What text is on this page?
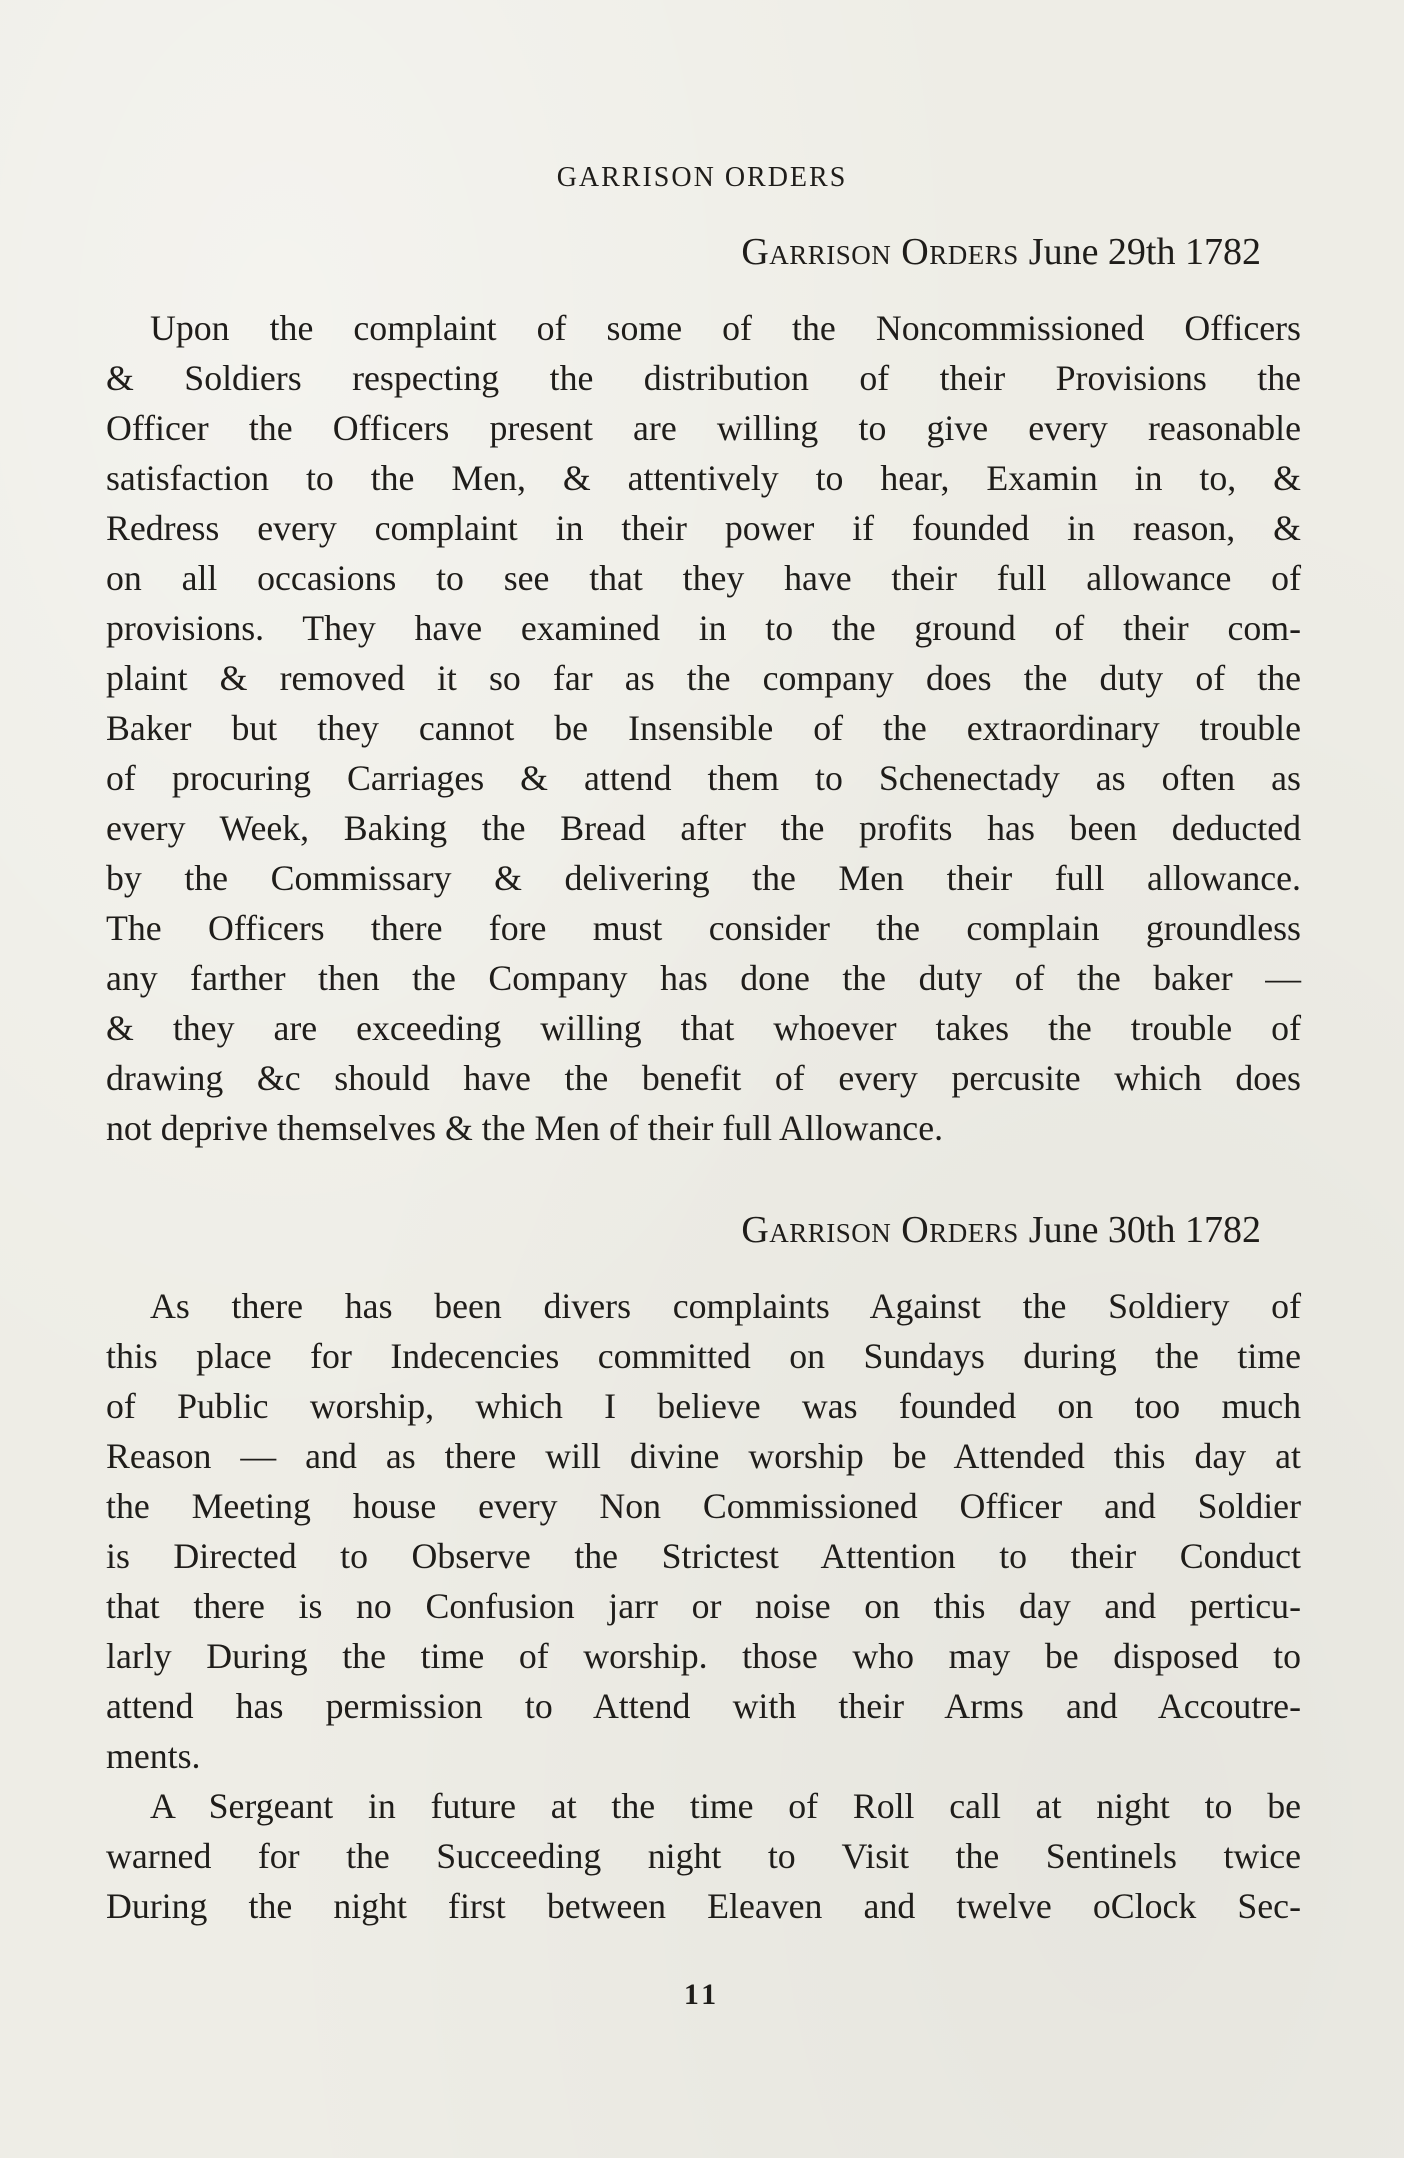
GARRISON ORDERS
Garrison Orders June 29th 1782

Upon the complaint of some of the Noncommissioned Officers
& Soldiers respecting the distribution of their Provisions the
Officer the Officers present are willing to give every reasonable
satisfaction to the Men, & attentively to hear, Examin in to, &
Redress every complaint in their power if founded in reason, &
on all occasions to see that they have their full allowance of
provisions. They have examined in to the ground of their com-
plaint & removed it so far as the company does the duty of the
Baker but they cannot be Insensible of the extraordinary trouble
of procuring Carriages & attend them to Schenectady as often as
every Week, Baking the Bread after the profits has been deducted
by the Commissary & delivering the Men their full allowance.
The Officers there fore must consider the complain groundless
any farther then the Company has done the duty of the baker —
& they are exceeding willing that whoever takes the trouble of
drawing &c should have the benefit of every percusite which does
not deprive themselves & the Men of their full Allowance.

Garrison Orders June 30th 1782

As there has been divers complaints Against the Soldiery of
this place for Indecencies committed on Sundays during the time
of Public worship, which I believe was founded on too much
Reason — and as there will divine worship be Attended this day at
the Meeting house every Non Commissioned Officer and Soldier
is Directed to Observe the Strictest Attention to their Conduct
that there is no Confusion jarr or noise on this day and perticu-
larly During the time of worship. those who may be disposed to
attend has permission to Attend with their Arms and Accoutre-
ments.

A Sergeant in future at the time of Roll call at night to be
warned for the Succeeding night to Visit the Sentinels twice
During the night first between Eleaven and twelve oClock Sec-

11
